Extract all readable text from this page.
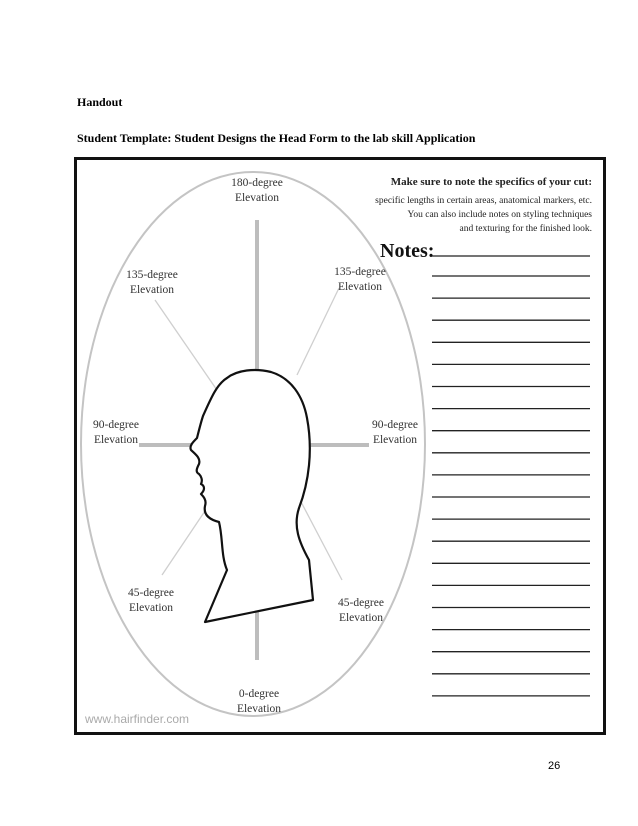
Handout
Student Template: Student Designs the Head Form to the lab skill Application
180-degree
Elevation
135-degree
Elevation
135-degree
Elevation
90-degree
Elevation
90-degree
Elevation
45-degree
Elevation	45-degree
Elevation
0-degree
Elevation
Make sure to note the specifics of your cut:
specific lengths in certain areas, anatomical markers, etc.
You can also include notes on styling techniques
and texturing for the finished look.
Notes:
www.hairfinder.com
26
